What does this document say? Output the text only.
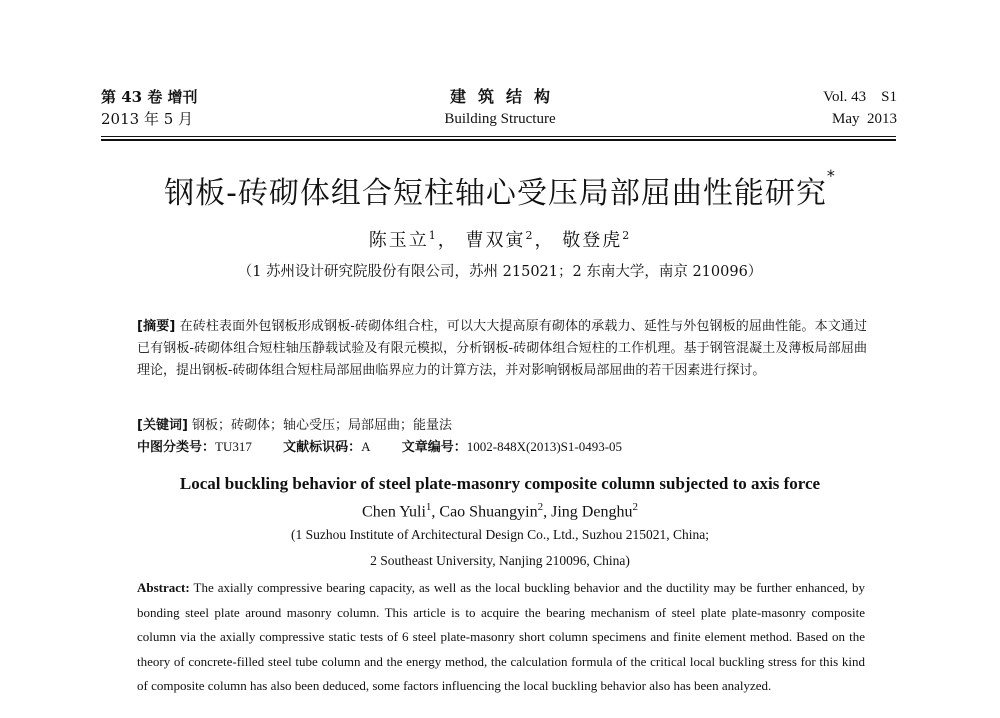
第 43 卷 增刊
2013 年 5 月
建筑结构
Building Structure
Vol. 43    S1
May  2013
钢板-砖砌体组合短柱轴心受压局部屈曲性能研究*
陈玉立$^1$， 曹双寅$^2$， 敬登虎$^2$
（1 苏州设计研究院股份有限公司，苏州 215021；2 东南大学，南京 210096）
[摘要] 在砖柱表面外包钢板形成钢板-砖砌体组合柱，可以大大提高原有砌体的承载力、延性与外包钢板的屈曲性能。本文通过已有钢板-砖砌体组合短柱轴压静载试验及有限元模拟，分析钢板-砖砌体组合短柱的工作机理。基于钢管混凝土及薄板局部屈曲理论，提出钢板-砖砌体组合短柱局部屈曲临界应力的计算方法，并对影响钢板局部屈曲的若干因素进行探讨。
[关键词] 钢板；砖砌体；轴心受压；局部屈曲；能量法
中图分类号：TU317 文献标识码：A 文章编号：1002-848X(2013)S1-0493-05
Local buckling behavior of steel plate-masonry composite column subjected to axis force
Chen Yuli$^1$, Cao Shuangyin$^2$, Jing Denghu$^2$
(1 Suzhou Institute of Architectural Design Co., Ltd., Suzhou 215021, China;
2 Southeast University, Nanjing 210096, China)
Abstract: The axially compressive bearing capacity, as well as the local buckling behavior and the ductility may be further enhanced, by bonding steel plate around masonry column. This article is to acquire the bearing mechanism of steel plate plate-masonry composite column via the axially compressive static tests of 6 steel plate-masonry short column specimens and finite element method. Based on the theory of concrete-filled steel tube column and the energy method, the calculation formula of the critical local buckling stress for this kind of composite column has also been deduced, some factors influencing the local buckling behavior also has been analyzed.
